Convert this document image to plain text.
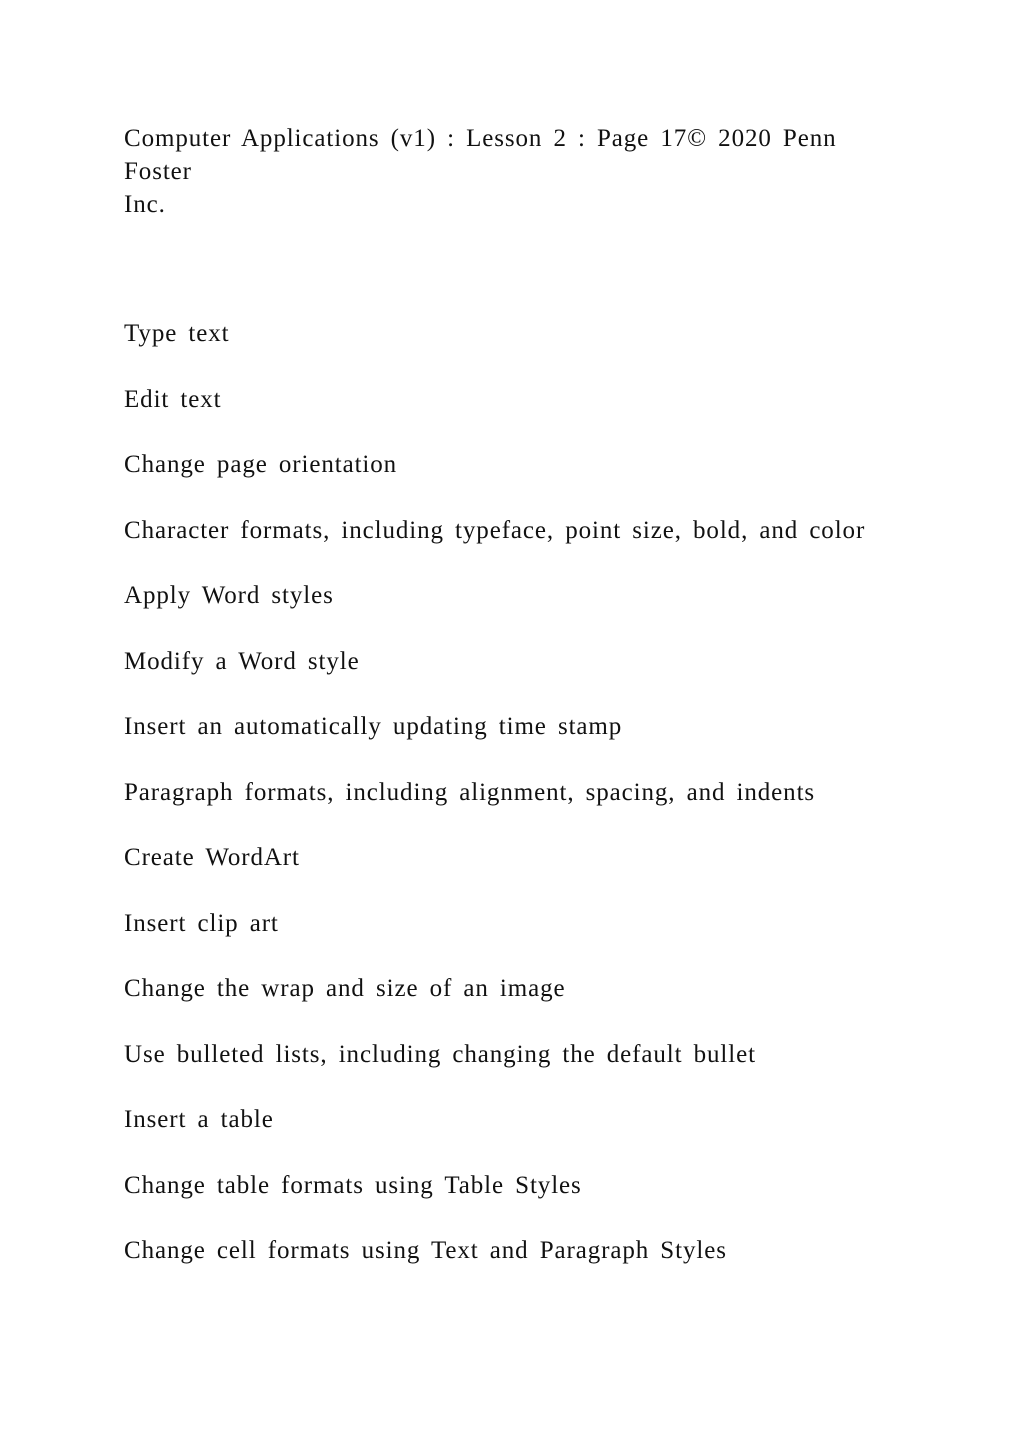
Computer Applications (v1) : Lesson 2 : Page 17© 2020 Penn
Foster
Inc.
Type text
Edit text
Change page orientation
Character formats, including typeface, point size, bold, and color
Apply Word styles
Modify a Word style
Insert an automatically updating time stamp
Paragraph formats, including alignment, spacing, and indents
Create WordArt
Insert clip art
Change the wrap and size of an image
Use bulleted lists, including changing the default bullet
Insert a table
Change table formats using Table Styles
Change cell formats using Text and Paragraph Styles
